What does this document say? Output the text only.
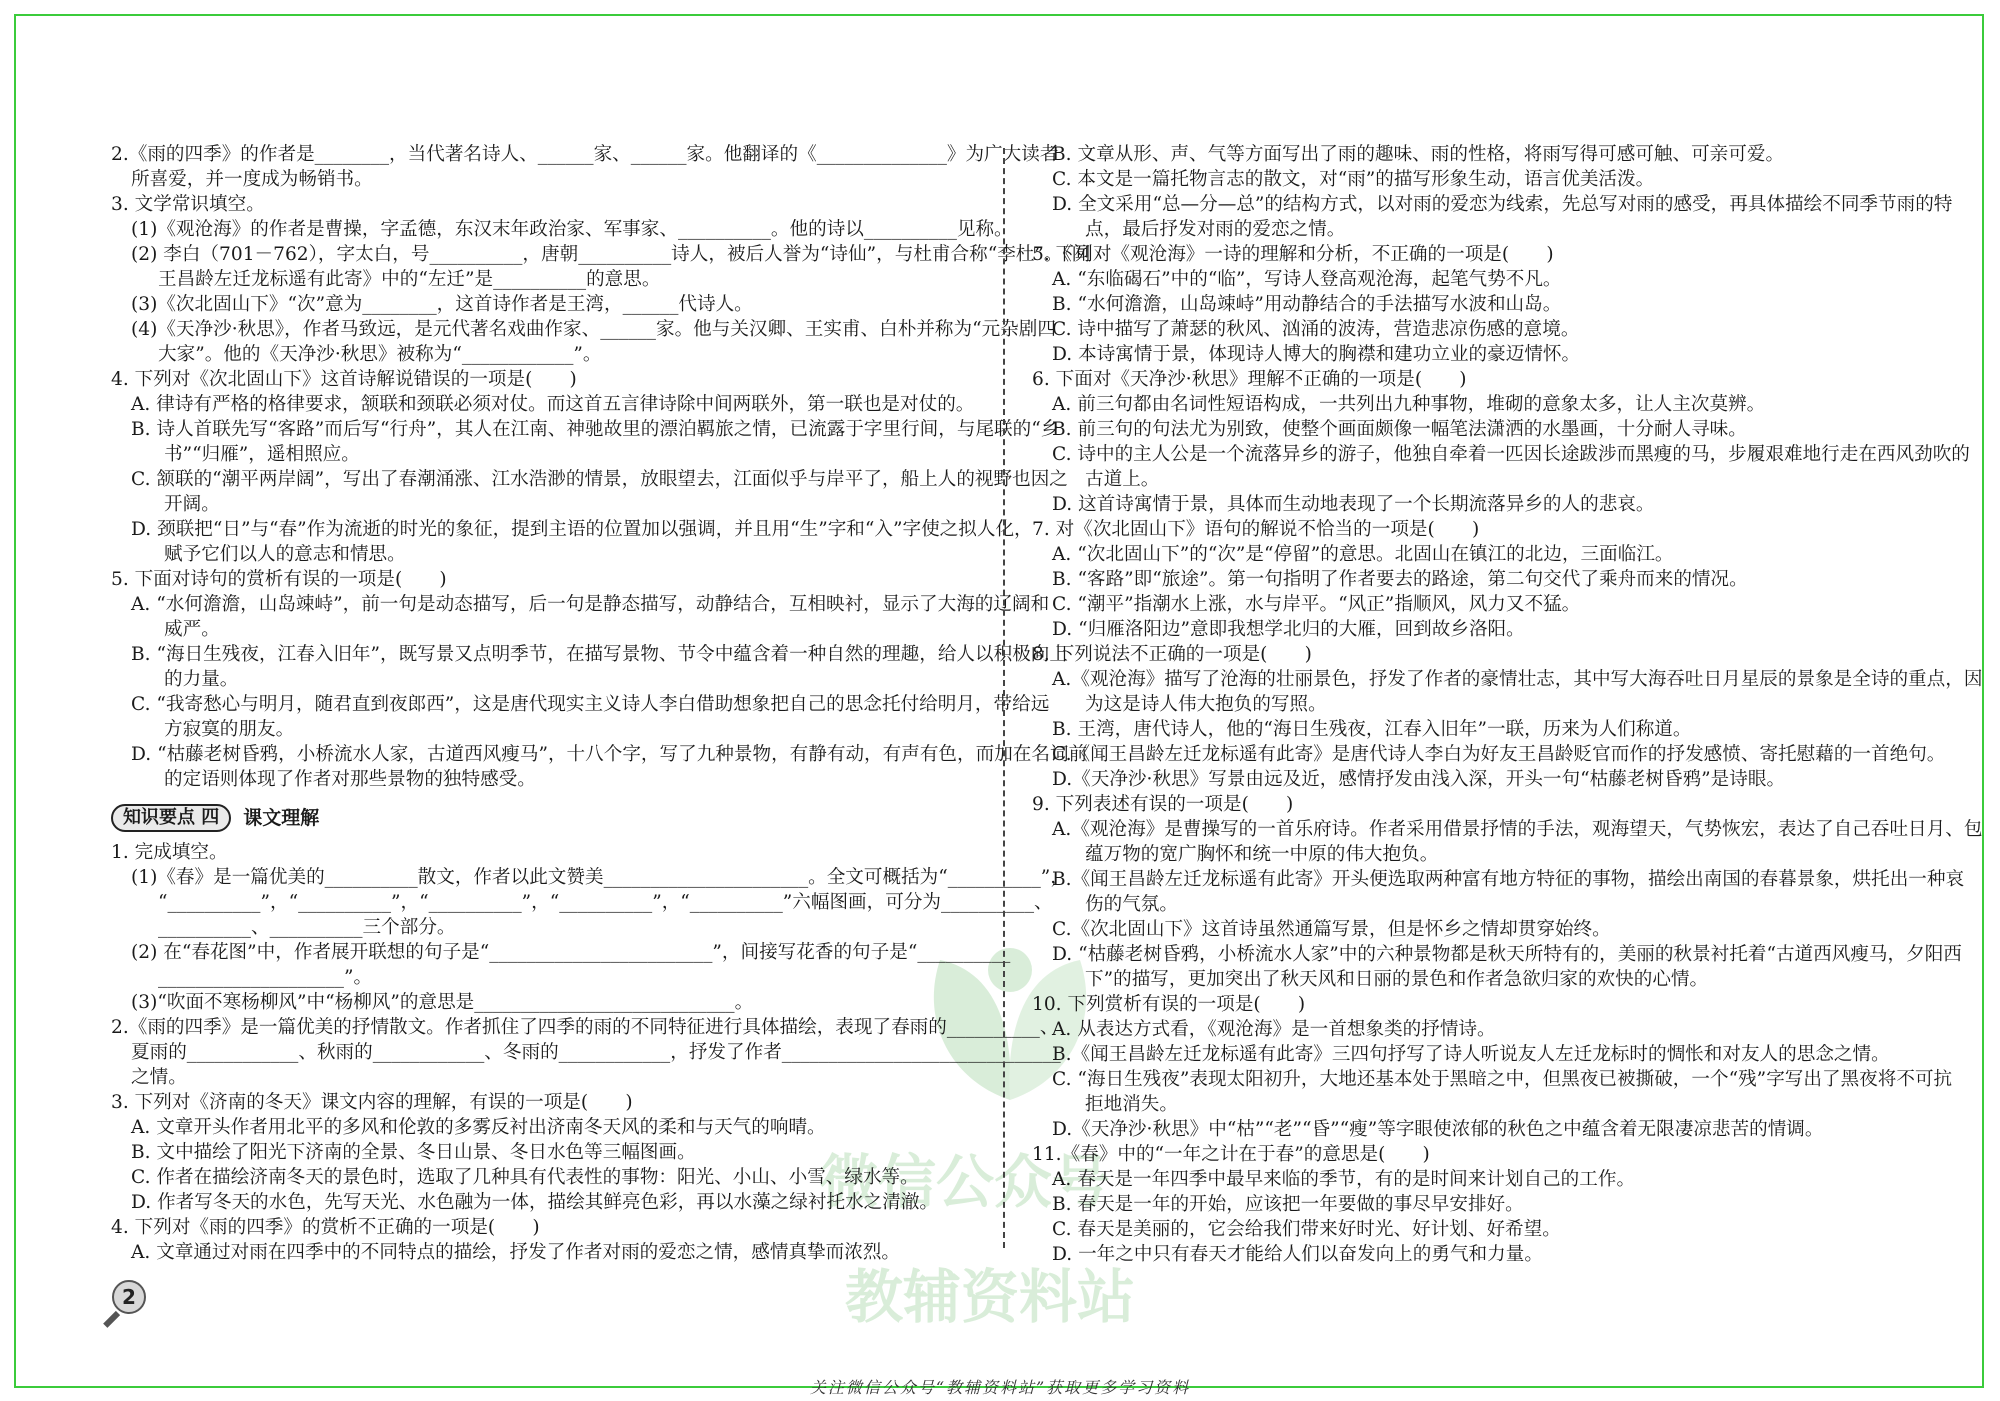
微信公众号
教辅资料站
2.《雨的四季》的作者是________，当代著名诗人、______家、______家。他翻译的《______________》为广大读者
所喜爱，并一度成为畅销书。
3. 文学常识填空。
(1)《观沧海》的作者是曹操，字孟德，东汉末年政治家、军事家、__________。他的诗以__________见称。
(2) 李白（701－762），字太白，号__________，唐朝__________诗人，被后人誉为“诗仙”，与杜甫合称“李杜”。《闻
王昌龄左迁龙标遥有此寄》中的“左迁”是__________的意思。
(3)《次北固山下》“次”意为________，这首诗作者是王湾，______代诗人。
(4)《天净沙·秋思》，作者马致远，是元代著名戏曲作家、______家。他与关汉卿、王实甫、白朴并称为“元杂剧四
大家”。他的《天净沙·秋思》被称为“____________”。
4. 下列对《次北固山下》这首诗解说错误的一项是(　　)
A. 律诗有严格的格律要求，颔联和颈联必须对仗。而这首五言律诗除中间两联外，第一联也是对仗的。
B. 诗人首联先写“客路”而后写“行舟”，其人在江南、神驰故里的漂泊羁旅之情，已流露于字里行间，与尾联的“乡
书”“归雁”，遥相照应。
C. 颔联的“潮平两岸阔”，写出了春潮涌涨、江水浩渺的情景，放眼望去，江面似乎与岸平了，船上人的视野也因之
开阔。
D. 颈联把“日”与“春”作为流逝的时光的象征，提到主语的位置加以强调，并且用“生”字和“入”字使之拟人化，
赋予它们以人的意志和情思。
5. 下面对诗句的赏析有误的一项是(　　)
A. “水何澹澹，山岛竦峙”，前一句是动态描写，后一句是静态描写，动静结合，互相映衬，显示了大海的辽阔和
威严。
B. “海日生残夜，江春入旧年”，既写景又点明季节，在描写景物、节令中蕴含着一种自然的理趣，给人以积极向上
的力量。
C. “我寄愁心与明月，随君直到夜郎西”，这是唐代现实主义诗人李白借助想象把自己的思念托付给明月，带给远
方寂寞的朋友。
D. “枯藤老树昏鸦，小桥流水人家，古道西风瘦马”，十八个字，写了九种景物，有静有动，有声有色，而加在名词前
的定语则体现了作者对那些景物的独特感受。
知识要点 四	课文理解
1. 完成填空。
(1)《春》是一篇优美的__________散文，作者以此文赞美______________________。全文可概括为“__________”，
“__________”，“__________”，“__________”，“__________”，“__________”六幅图画，可分为__________、
__________、__________三个部分。
(2) 在“春花图”中，作者展开联想的句子是“________________________”，间接写花香的句子是“__________
____________________”。
(3)“吹面不寒杨柳风”中“杨柳风”的意思是____________________________。
2.《雨的四季》是一篇优美的抒情散文。作者抓住了四季的雨的不同特征进行具体描绘，表现了春雨的__________、
夏雨的____________、秋雨的____________、冬雨的____________，抒发了作者______________________________
之情。
3. 下列对《济南的冬天》课文内容的理解，有误的一项是(　　)
A. 文章开头作者用北平的多风和伦敦的多雾反衬出济南冬天风的柔和与天气的响晴。
B. 文中描绘了阳光下济南的全景、冬日山景、冬日水色等三幅图画。
C. 作者在描绘济南冬天的景色时，选取了几种具有代表性的事物：阳光、小山、小雪、绿水等。
D. 作者写冬天的水色，先写天光、水色融为一体，描绘其鲜亮色彩，再以水藻之绿衬托水之清澈。
4. 下列对《雨的四季》的赏析不正确的一项是(　　)
A. 文章通过对雨在四季中的不同特点的描绘，抒发了作者对雨的爱恋之情，感情真挚而浓烈。
B. 文章从形、声、气等方面写出了雨的趣味、雨的性格，将雨写得可感可触、可亲可爱。
C. 本文是一篇托物言志的散文，对“雨”的描写形象生动，语言优美活泼。
D. 全文采用“总—分—总”的结构方式，以对雨的爱恋为线索，先总写对雨的感受，再具体描绘不同季节雨的特
点，最后抒发对雨的爱恋之情。
5. 下列对《观沧海》一诗的理解和分析，不正确的一项是(　　)
A. “东临碣石”中的“临”，写诗人登高观沧海，起笔气势不凡。
B. “水何澹澹，山岛竦峙”用动静结合的手法描写水波和山岛。
C. 诗中描写了萧瑟的秋风、汹涌的波涛，营造悲凉伤感的意境。
D. 本诗寓情于景，体现诗人博大的胸襟和建功立业的豪迈情怀。
6. 下面对《天净沙·秋思》理解不正确的一项是(　　)
A. 前三句都由名词性短语构成，一共列出九种事物，堆砌的意象太多，让人主次莫辨。
B. 前三句的句法尤为别致，使整个画面颇像一幅笔法潇洒的水墨画，十分耐人寻味。
C. 诗中的主人公是一个流落异乡的游子，他独自牵着一匹因长途跋涉而黑瘦的马，步履艰难地行走在西风劲吹的
古道上。
D. 这首诗寓情于景，具体而生动地表现了一个长期流落异乡的人的悲哀。
7. 对《次北固山下》语句的解说不恰当的一项是(　　)
A. “次北固山下”的“次”是“停留”的意思。北固山在镇江的北边，三面临江。
B. “客路”即“旅途”。第一句指明了作者要去的路途，第二句交代了乘舟而来的情况。
C. “潮平”指潮水上涨，水与岸平。“风正”指顺风，风力又不猛。
D. “归雁洛阳边”意即我想学北归的大雁，回到故乡洛阳。
8. 下列说法不正确的一项是(　　)
A.《观沧海》描写了沧海的壮丽景色，抒发了作者的豪情壮志，其中写大海吞吐日月星辰的景象是全诗的重点，因
为这是诗人伟大抱负的写照。
B. 王湾，唐代诗人，他的“海日生残夜，江春入旧年”一联，历来为人们称道。
C.《闻王昌龄左迁龙标遥有此寄》是唐代诗人李白为好友王昌龄贬官而作的抒发感愤、寄托慰藉的一首绝句。
D.《天净沙·秋思》写景由远及近，感情抒发由浅入深，开头一句“枯藤老树昏鸦”是诗眼。
9. 下列表述有误的一项是(　　)
A.《观沧海》是曹操写的一首乐府诗。作者采用借景抒情的手法，观海望天，气势恢宏，表达了自己吞吐日月、包
蕴万物的宽广胸怀和统一中原的伟大抱负。
B.《闻王昌龄左迁龙标遥有此寄》开头便选取两种富有地方特征的事物，描绘出南国的春暮景象，烘托出一种哀
伤的气氛。
C.《次北固山下》这首诗虽然通篇写景，但是怀乡之情却贯穿始终。
D. “枯藤老树昏鸦，小桥流水人家”中的六种景物都是秋天所特有的，美丽的秋景衬托着“古道西风瘦马，夕阳西
下”的描写，更加突出了秋天风和日丽的景色和作者急欲归家的欢快的心情。
10. 下列赏析有误的一项是(　　)
A. 从表达方式看，《观沧海》是一首想象类的抒情诗。
B.《闻王昌龄左迁龙标遥有此寄》三四句抒写了诗人听说友人左迁龙标时的惆怅和对友人的思念之情。
C. “海日生残夜”表现太阳初升，大地还基本处于黑暗之中，但黑夜已被撕破，一个“残”字写出了黑夜将不可抗
拒地消失。
D.《天净沙·秋思》中“枯”“老”“昏”“瘦”等字眼使浓郁的秋色之中蕴含着无限凄凉悲苦的情调。
11.《春》中的“一年之计在于春”的意思是(　　)
A. 春天是一年四季中最早来临的季节，有的是时间来计划自己的工作。
B. 春天是一年的开始，应该把一年要做的事尽早安排好。
C. 春天是美丽的，它会给我们带来好时光、好计划、好希望。
D. 一年之中只有春天才能给人们以奋发向上的勇气和力量。
2
关注微信公众号“教辅资料站”获取更多学习资料
